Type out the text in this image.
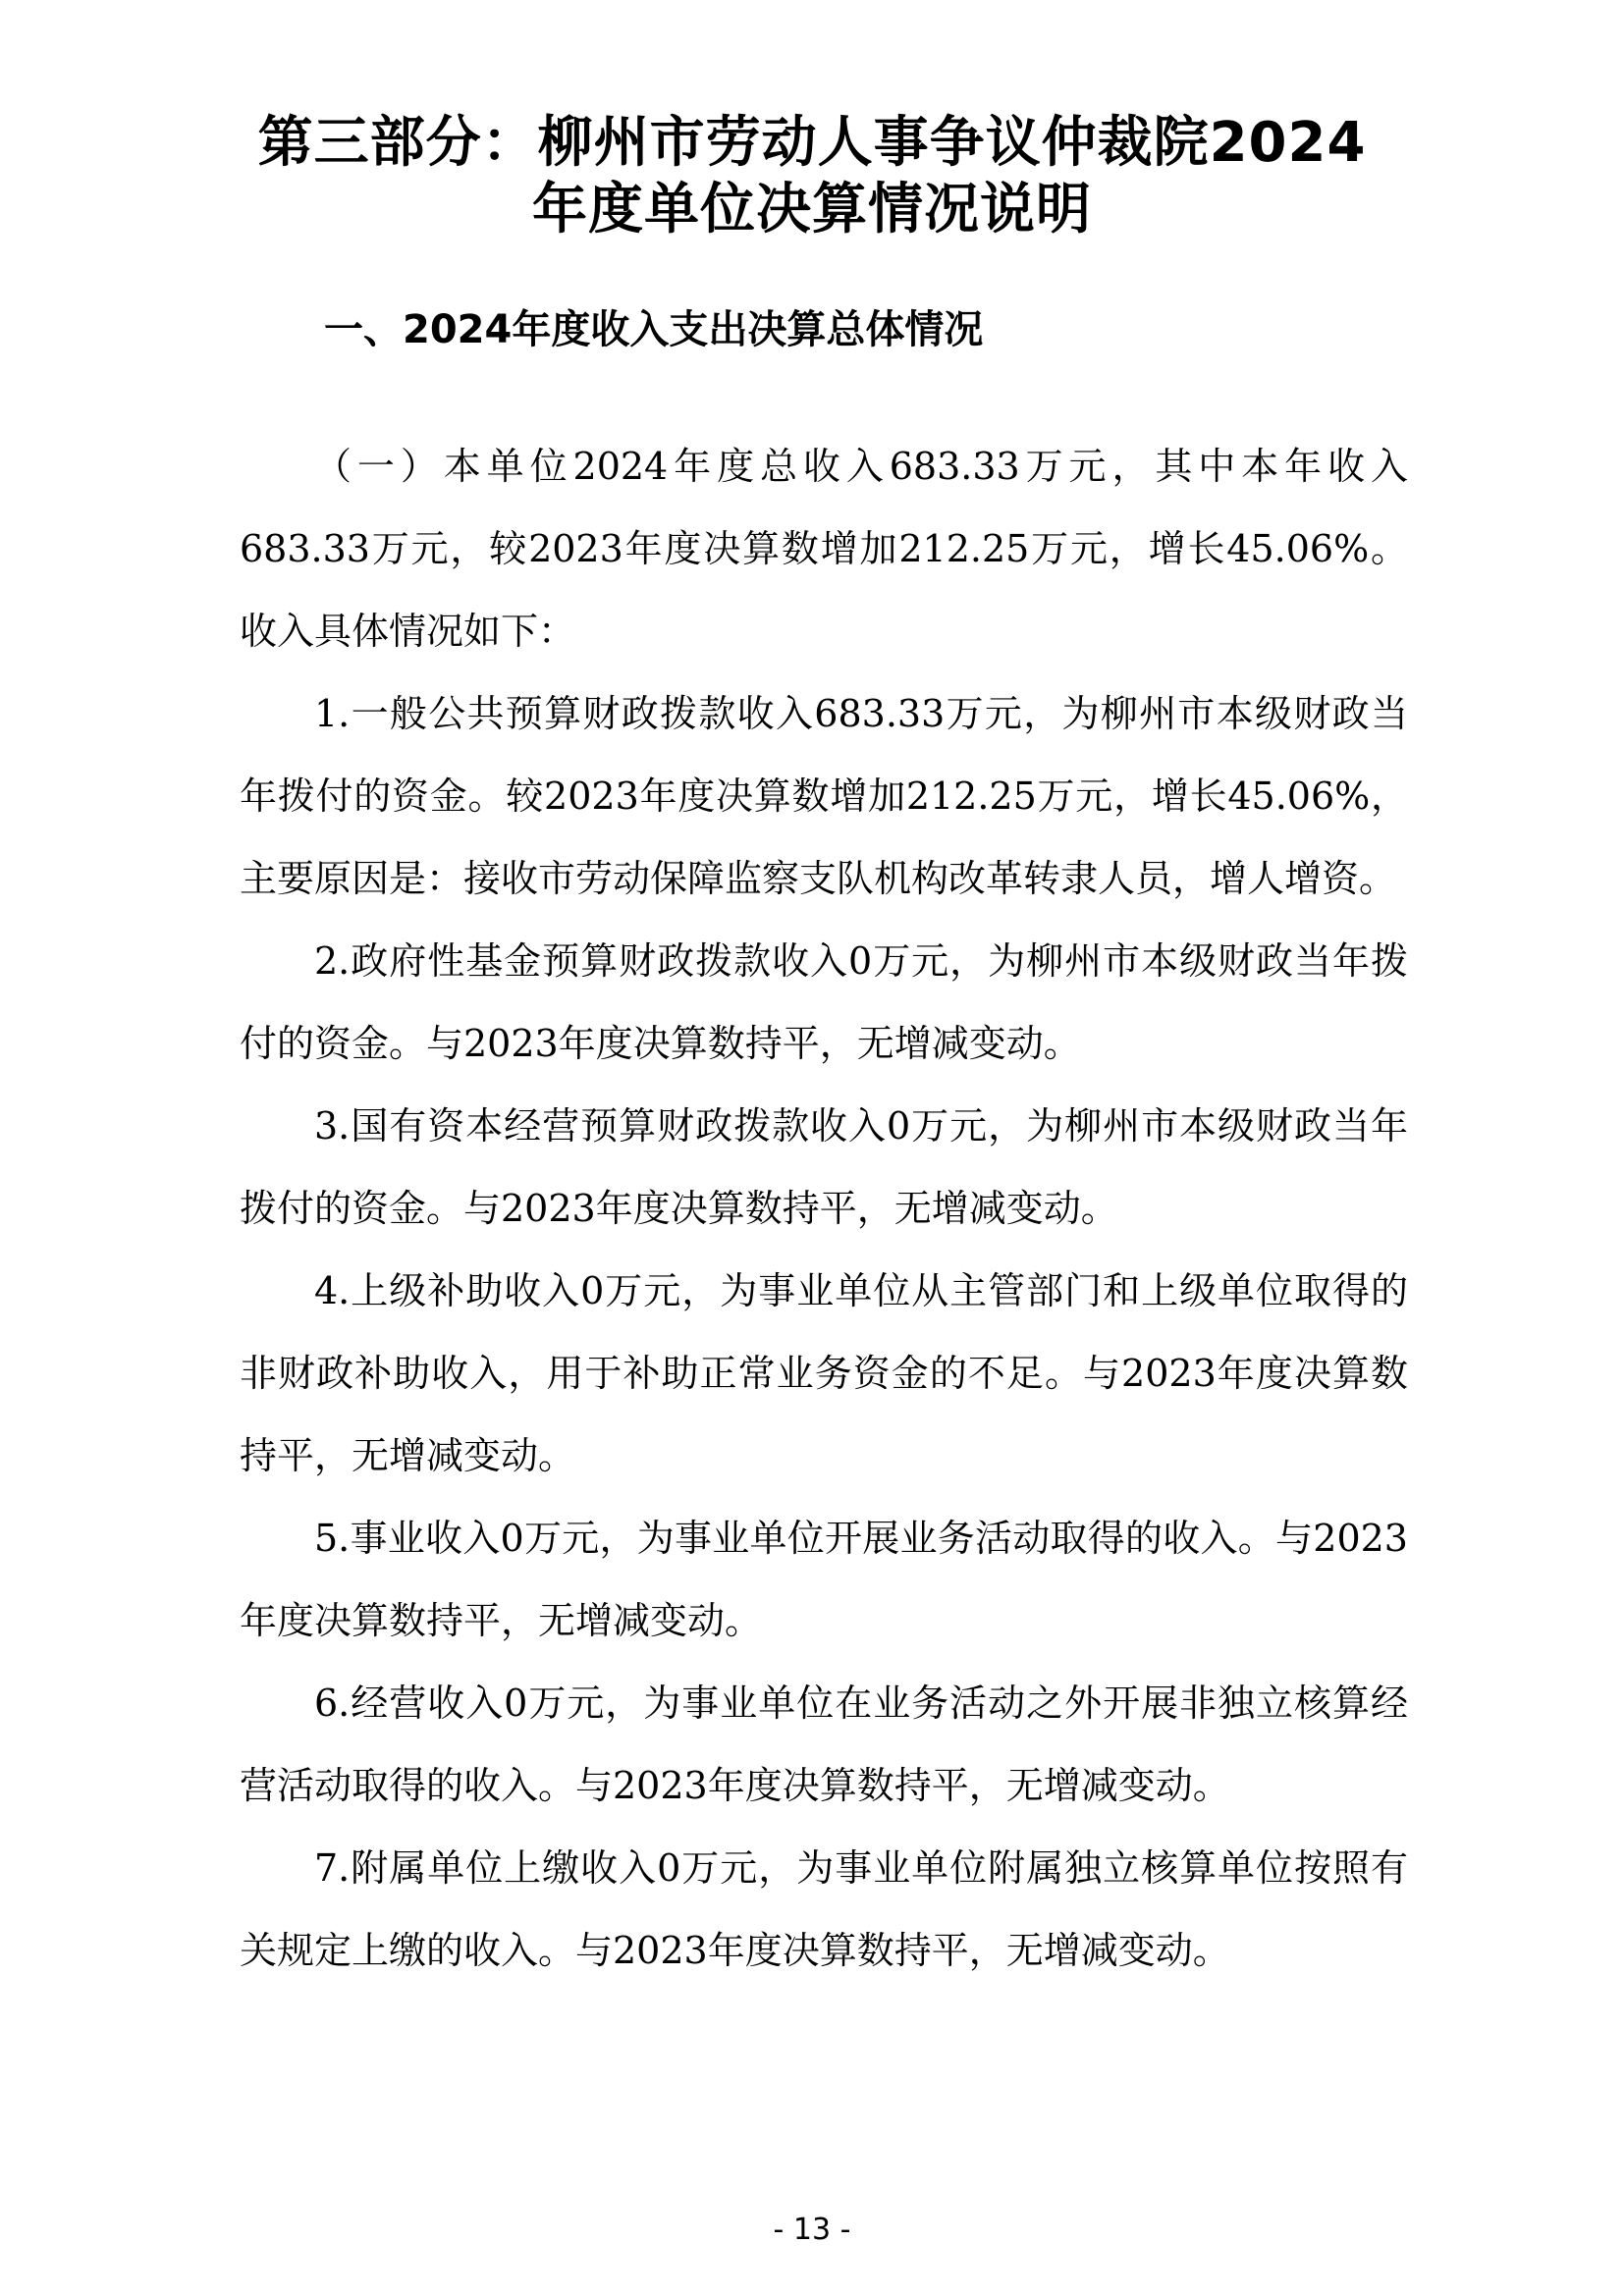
第三部分：柳州市劳动人事争议仲裁院2024
年度单位决算情况说明
一、2024年度收入支出决算总体情况

（一）本单位2024年度总收入683.33万元，其中本年收入683.33万元，较2023年度决算数增加212.25万元，增长45.06%。收入具体情况如下：

1.一般公共预算财政拨款收入683.33万元，为柳州市本级财政当年拨付的资金。较2023年度决算数增加212.25万元，增长45.06%，主要原因是：接收市劳动保障监察支队机构改革转隶人员，增人增资。

2.政府性基金预算财政拨款收入0万元，为柳州市本级财政当年拨付的资金。与2023年度决算数持平，无增减变动。

3.国有资本经营预算财政拨款收入0万元，为柳州市本级财政当年拨付的资金。与2023年度决算数持平，无增减变动。

4.上级补助收入0万元，为事业单位从主管部门和上级单位取得的非财政补助收入，用于补助正常业务资金的不足。与2023年度决算数持平，无增减变动。

5.事业收入0万元，为事业单位开展业务活动取得的收入。与2023年度决算数持平，无增减变动。

6.经营收入0万元，为事业单位在业务活动之外开展非独立核算经营活动取得的收入。与2023年度决算数持平，无增减变动。

7.附属单位上缴收入0万元，为事业单位附属独立核算单位按照有关规定上缴的收入。与2023年度决算数持平，无增减变动。

- 13 -
